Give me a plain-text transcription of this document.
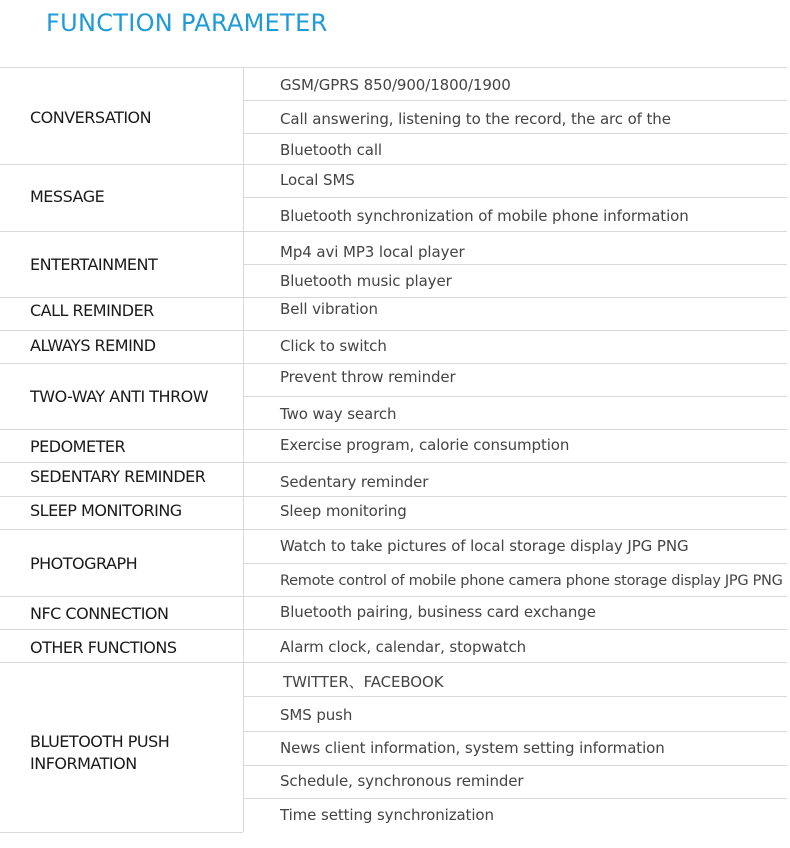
FUNCTION PARAMETER
CONVERSATION
MESSAGE
ENTERTAINMENT
CALL REMINDER
ALWAYS REMIND
TWO-WAY ANTI THROW
PEDOMETER
SEDENTARY REMINDER
SLEEP MONITORING
PHOTOGRAPH
NFC CONNECTION
OTHER FUNCTIONS
BLUETOOTH PUSH
INFORMATION
GSM/GPRS 850/900/1800/1900
Call answering, listening to the record, the arc of the
Bluetooth call
Local SMS
Bluetooth synchronization of mobile phone information
Mp4 avi MP3 local player
Bluetooth music player
Bell vibration
Click to switch
Prevent throw reminder
Two way search
Exercise program, calorie consumption
Sedentary reminder
Sleep monitoring
Watch to take pictures of local storage display JPG PNG
Remote control of mobile phone camera phone storage display JPG PNG
Bluetooth pairing, business card exchange
Alarm clock, calendar, stopwatch
TWITTER、FACEBOOK
SMS push
News client information, system setting information
Schedule, synchronous reminder
Time setting synchronization
